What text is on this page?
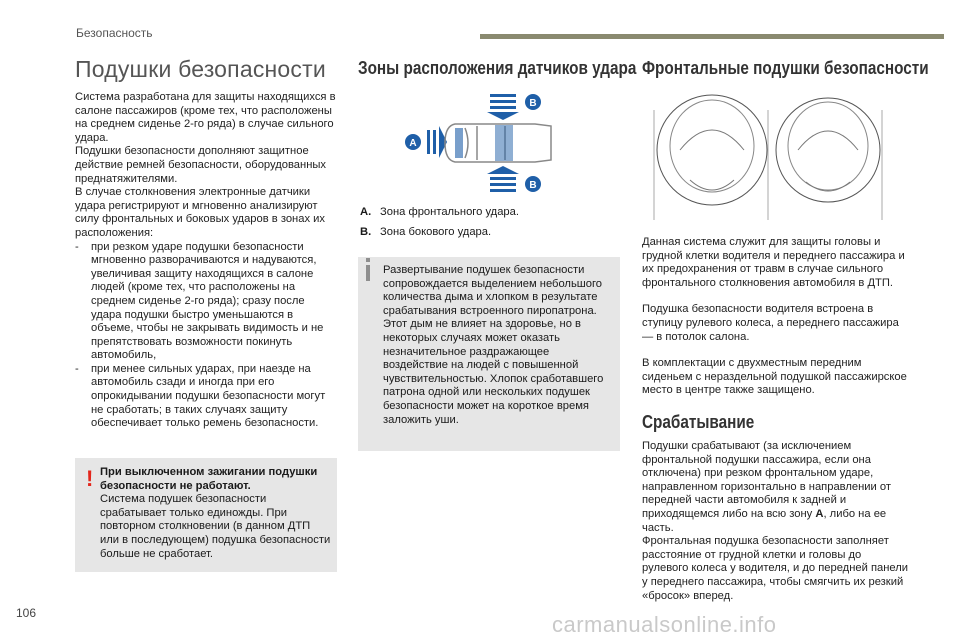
Безопасность
Подушки безопасности

Система разработана для защиты находящихся в салоне пассажиров (кроме тех, что расположены на среднем сиденье 2-го ряда) в случае сильного удара.

Подушки безопасности дополняют защитное действие ремней безопасности, оборудованных преднатяжителями.

В случае столкновения электронные датчики удара регистрируют и мгновенно анализируют силу фронтальных и боковых ударов в зонах их расположения:

- при резком ударе подушки безопасности мгновенно разворачиваются и надуваются, увеличивая защиту находящихся в салоне людей (кроме тех, что расположены на среднем сиденье 2-го ряда); сразу после удара подушки быстро уменьшаются в объеме, чтобы не закрывать видимость и не препятствовать возможности покинуть автомобиль,
- при менее сильных ударах, при наезде на автомобиль сзади и иногда при его опрокидывании подушки безопасности могут не сработать; в таких случаях защиту обеспечивает только ремень безопасности.
! При выключенном зажигании подушки безопасности не работают.
Система подушек безопасности срабатывает только единожды. При повторном столкновении (в данном ДТП или в последующем) подушка безопасности больше не сработает.
Зоны расположения датчиков удара
A
B
B
A. Зона фронтального удара.
B. Зона бокового удара.
Развертывание подушек безопасности сопровождается выделением небольшого количества дыма и хлопком в результате срабатывания встроенного пиропатрона. Этот дым не влияет на здоровье, но в некоторых случаях может оказать незначительное раздражающее воздействие на людей с повышенной чувствительностью. Хлопок сработавшего патрона одной или нескольких подушек безопасности может на короткое время заложить уши.
Фронтальные подушки безопасности

Данная система служит для защиты головы и грудной клетки водителя и переднего пассажира и их предохранения от травм в случае сильного фронтального столкновения автомобиля в ДТП.

Подушка безопасности водителя встроена в ступицу рулевого колеса, а переднего пассажира — в потолок салона.

В комплектации с двухместным передним сиденьем с нераздельной подушкой пассажирское место в центре также защищено.

Срабатывание

Подушки срабатывают (за исключением фронтальной подушки пассажира, если она отключена) при резком фронтальном ударе, направленном горизонтально в направлении от передней части автомобиля к задней и приходящемся либо на всю зону A, либо на ее часть.

Фронтальная подушка безопасности заполняет расстояние от грудной клетки и головы до рулевого колеса у водителя, и до передней панели у переднего пассажира, чтобы смягчить их резкий «бросок» вперед.

106	carmanualsonline.info
